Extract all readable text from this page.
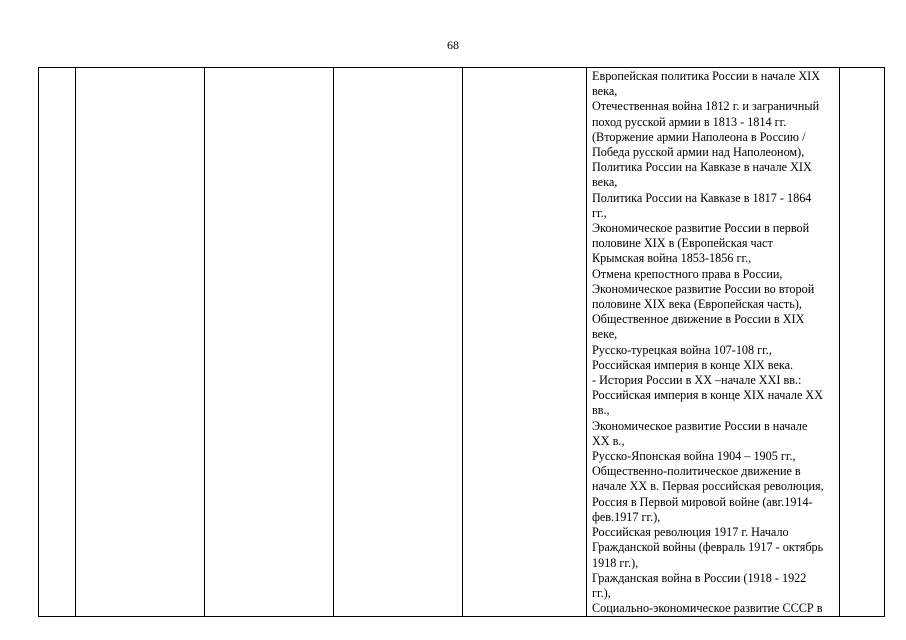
68

Европейская политика России в начале XIX
века,
Отечественная война 1812 г. и заграничный
поход русской армии в 1813 - 1814 гг.
(Вторжение армии Наполеона в Россию /
Победа русской армии над Наполеоном),
Политика России на Кавказе в начале XIX
века,
Политика России на Кавказе в 1817 - 1864
гг.,
Экономическое развитие России в первой
половине XIX в (Европейская част
Крымская война 1853-1856 гг.,
Отмена крепостного права в России,
Экономическое развитие России во второй
половине XIX века (Европейская часть),
Общественное движение в России в XIX
веке,
Русско-турецкая война 107-108 гг.,
Российская империя в конце XIX века.
- История России в XX –начале XXI вв.:
Российская империя в конце XIX начале XX
вв.,
Экономическое развитие России в начале
XX в.,
Русско-Японская война 1904 – 1905 гг.,
Общественно-политическое движение в
начале XX в. Первая российская революция,
Россия в Первой мировой войне (авг.1914-
фев.1917 гг.),
Российская революция 1917 г. Начало
Гражданской войны (февраль 1917 - октябрь
1918 гг.),
Гражданская война в России (1918 - 1922
гг.),
Социально-экономическое развитие СССР в
